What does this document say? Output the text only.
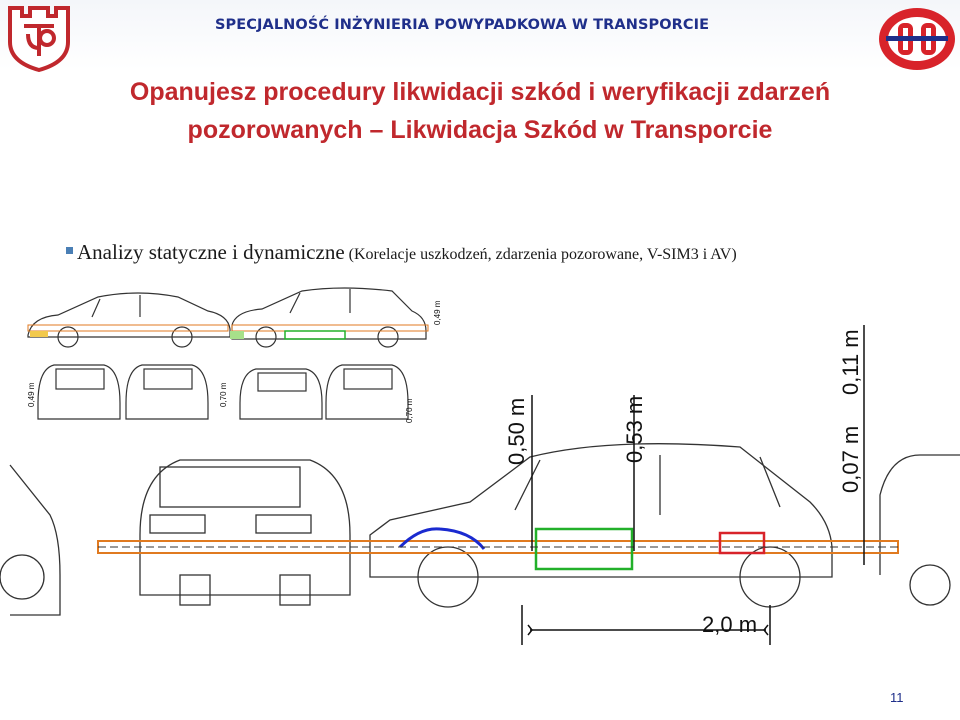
SPECJALNOŚĆ INŻYNIERIA POWYPADKOWA W TRANSPORCIE
Opanujesz procedury likwidacji szkód i weryfikacji zdarzeń
pozorowanych – Likwidacja Szkód w Transporcie
Analizy statyczne i dynamiczne (Korelacje uszkodzeń, zdarzenia pozorowane, V-SIM3 i AV)
0,49 m
0,49 m	0,70 m
0,70 m	0,50 m	0,53 m
0,11 m
0,07 m
2,0 m
11
